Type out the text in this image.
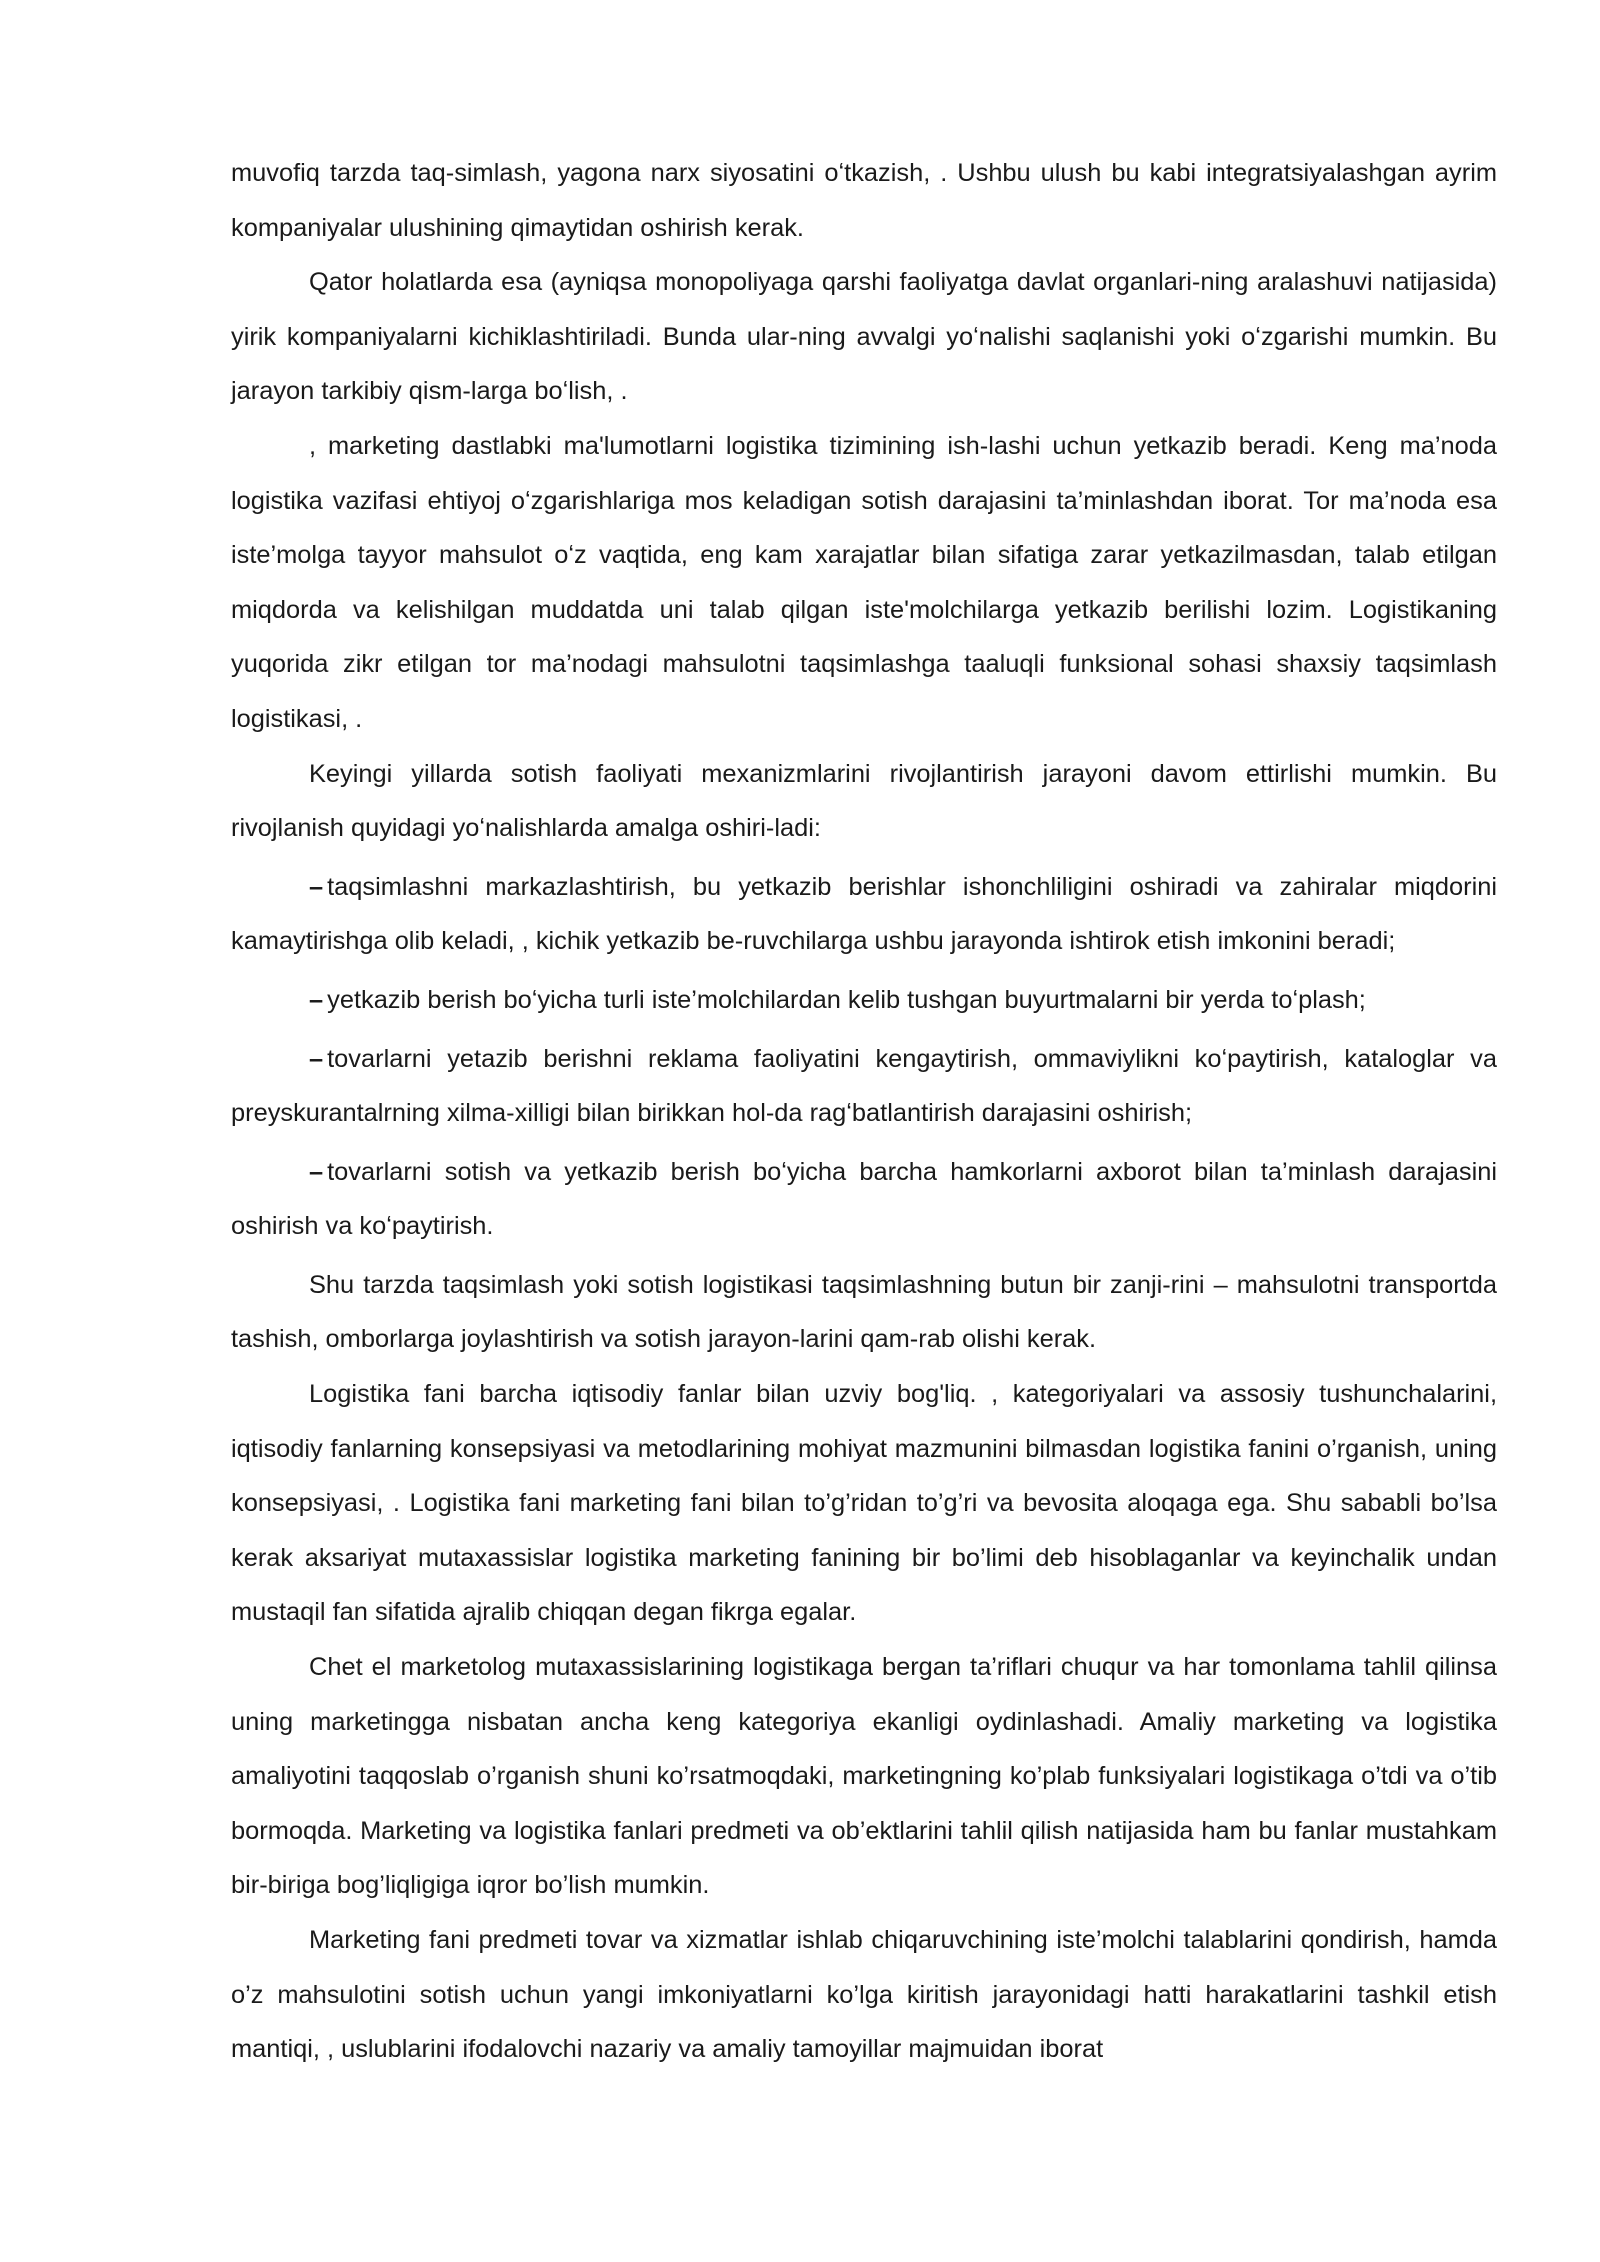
muvofiq tarzda taq-simlash, yagona narx siyosatini oʻtkazish, . Ushbu ulush bu kabi integratsiyalashgan ayrim kompaniyalar ulushining qimaytidan oshirish kerak.

Qator holatlarda esa (ayniqsa monopoliyaga qarshi faoliyatga davlat organlari-ning aralashuvi natijasida) yirik kompaniyalarni kichiklashtiriladi. Bunda ular-ning avvalgi yoʻnalishi saqlanishi yoki oʻzgarishi mumkin. Bu jarayon tarkibiy qism-larga boʻlish, .

, marketing dastlabki ma'lumotlarni logistika tizimining ish-lashi uchun yetkazib beradi. Keng ma’noda logistika vazifasi ehtiyoj oʻzgarishlariga mos keladigan sotish darajasini ta’minlashdan iborat. Tor ma’noda esa iste’molga tayyor mahsulot oʻz vaqtida, eng kam xarajatlar bilan sifatiga zarar yetkazilmasdan, talab etilgan miqdorda va kelishilgan muddatda uni talab qilgan iste'molchilarga yetkazib berilishi lozim. Logistikaning yuqorida zikr etilgan tor ma’nodagi mahsulotni taqsimlashga taaluqli funksional sohasi shaxsiy taqsimlash logistikasi, .

Keyingi yillarda sotish faoliyati mexanizmlarini rivojlantirish jarayoni davom ettirlishi mumkin. Bu rivojlanish quyidagi yoʻnalishlarda amalga oshiri-ladi:

– taqsimlashni markazlashtirish, bu yetkazib berishlar ishonchliligini oshiradi va zahiralar miqdorini kamaytirishga olib keladi, , kichik yetkazib be-ruvchilarga ushbu jarayonda ishtirok etish imkonini beradi;

– yetkazib berish boʻyicha turli iste’molchilardan kelib tushgan buyurtmalarni bir yerda toʻplash;

– tovarlarni yetazib berishni reklama faoliyatini kengaytirish, ommaviylikni koʻpaytirish, kataloglar va preyskurantalrning xilma-xilligi bilan birikkan hol-da ragʻbatlantirish darajasini oshirish;

– tovarlarni sotish va yetkazib berish boʻyicha barcha hamkorlarni axborot bilan ta’minlash darajasini oshirish va koʻpaytirish.

Shu tarzda taqsimlash yoki sotish logistikasi taqsimlashning butun bir zanji-rini – mahsulotni transportda tashish, omborlarga joylashtirish va sotish jarayon-larini qam-rab olishi kerak.

Logistika fani barcha iqtisodiy fanlar bilan uzviy bog'liq. , kategoriyalari va assosiy tushunchalarini, iqtisodiy fanlarning konsepsiyasi va metodlarining mohiyat mazmunini bilmasdan logistika fanini o’rganish, uning konsepsiyasi, . Logistika fani marketing fani bilan to’g’ridan to’g’ri va bevosita aloqaga ega. Shu sababli bo’lsa kerak aksariyat mutaxassislar logistika marketing fanining bir bo’limi deb hisoblaganlar va keyinchalik undan mustaqil fan sifatida ajralib chiqqan degan fikrga egalar.

Chet el marketolog mutaxassislarining logistikaga bergan ta’riflari chuqur va har tomonlama tahlil qilinsa uning marketingga nisbatan ancha keng kategoriya ekanligi oydinlashadi. Amaliy marketing va logistika amaliyotini taqqoslab o’rganish shuni ko’rsatmoqdaki, marketingning ko’plab funksiyalari logistikaga o’tdi va o’tib bormoqda. Marketing va logistika fanlari predmeti va ob’ektlarini tahlil qilish natijasida ham bu fanlar mustahkam bir-biriga bog’liqligiga iqror bo’lish mumkin.

Marketing fani predmeti tovar va xizmatlar ishlab chiqaruvchining iste’molchi talablarini qondirish, hamda o’z mahsulotini sotish uchun yangi imkoniyatlarni ko’lga kiritish jarayonidagi hatti harakatlarini tashkil etish mantiqi, , uslublarini ifodalovchi nazariy va amaliy tamoyillar majmuidan iborat
